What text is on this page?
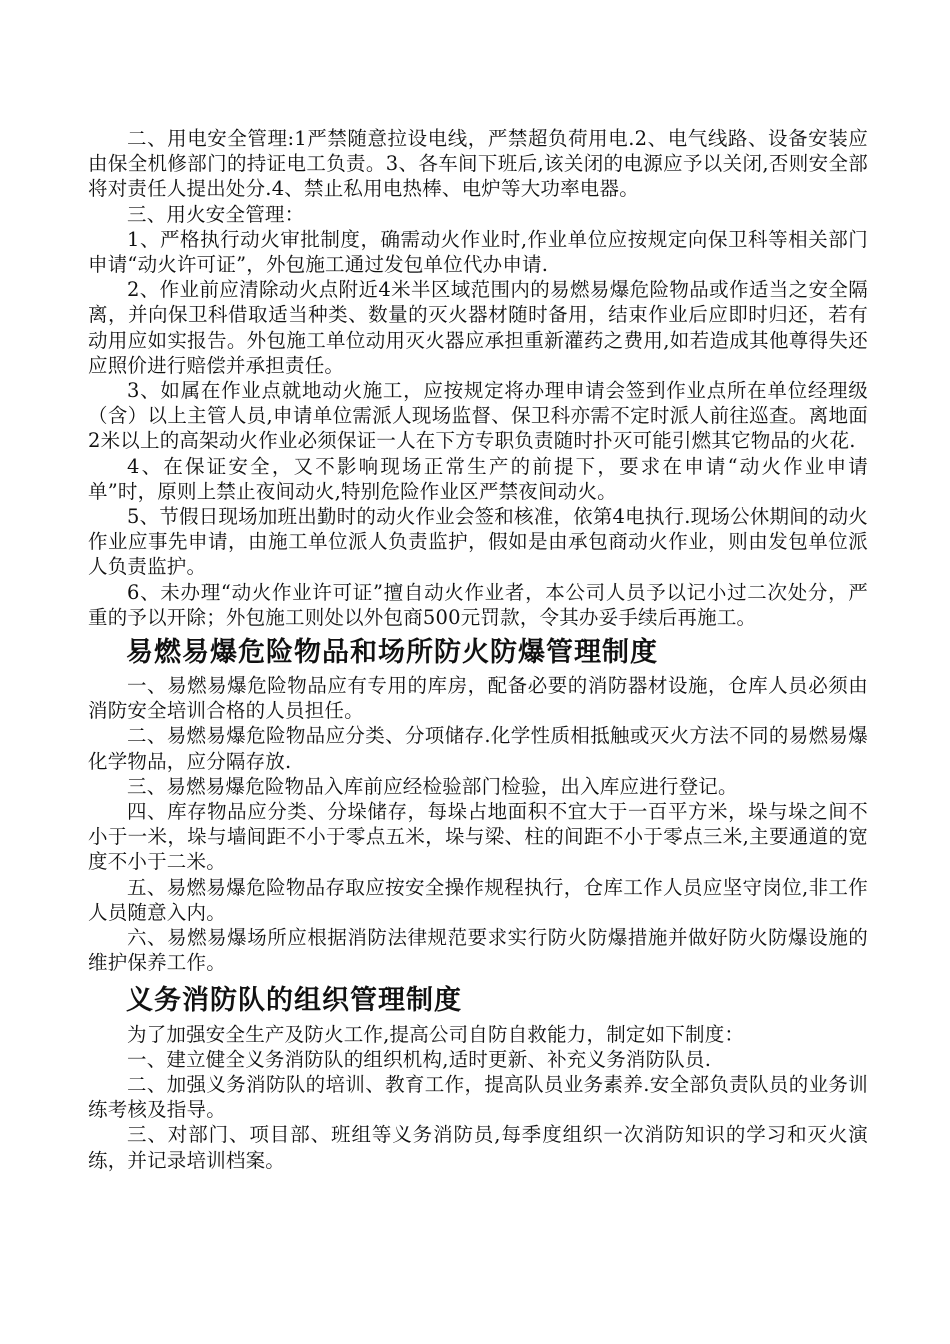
二、用电安全管理:1严禁随意拉设电线，严禁超负荷用电.2、电气线路、设备安装应由保全机修部门的持证电工负责。3、各车间下班后,该关闭的电源应予以关闭,否则安全部将对责任人提出处分.4、禁止私用电热棒、电炉等大功率电器。

三、用火安全管理：

1、严格执行动火审批制度，确需动火作业时,作业单位应按规定向保卫科等相关部门申请“动火许可证”，外包施工通过发包单位代办申请.

2、作业前应清除动火点附近4米半区域范围内的易燃易爆危险物品或作适当之安全隔离，并向保卫科借取适当种类、数量的灭火器材随时备用，结束作业后应即时归还，若有动用应如实报告。外包施工单位动用灭火器应承担重新灌药之费用,如若造成其他尊得失还应照价进行赔偿并承担责任。

3、如属在作业点就地动火施工，应按规定将办理申请会签到作业点所在单位经理级（含）以上主管人员,申请单位需派人现场监督、保卫科亦需不定时派人前往巡查。离地面2米以上的高架动火作业必须保证一人在下方专职负责随时扑灭可能引燃其它物品的火花.

4、在保证安全，又不影响现场正常生产的前提下，要求在申请“动火作业申请单”时，原则上禁止夜间动火,特别危险作业区严禁夜间动火。

5、节假日现场加班出勤时的动火作业会签和核准，依第4电执行.现场公休期间的动火作业应事先申请，由施工单位派人负责监护，假如是由承包商动火作业，则由发包单位派人负责监护。

6、未办理“动火作业许可证”擅自动火作业者，本公司人员予以记小过二次处分，严重的予以开除；外包施工则处以外包商500元罚款，令其办妥手续后再施工。

易燃易爆危险物品和场所防火防爆管理制度

一、易燃易爆危险物品应有专用的库房，配备必要的消防器材设施，仓库人员必须由消防安全培训合格的人员担任。

二、易燃易爆危险物品应分类、分项储存.化学性质相抵触或灭火方法不同的易燃易爆化学物品，应分隔存放.

三、易燃易爆危险物品入库前应经检验部门检验，出入库应进行登记。

四、库存物品应分类、分垛储存，每垛占地面积不宜大于一百平方米，垛与垛之间不小于一米，垛与墙间距不小于零点五米，垛与梁、柱的间距不小于零点三米,主要通道的宽度不小于二米。

五、易燃易爆危险物品存取应按安全操作规程执行，仓库工作人员应坚守岗位,非工作人员随意入内。

六、易燃易爆场所应根据消防法律规范要求实行防火防爆措施并做好防火防爆设施的维护保养工作。

义务消防队的组织管理制度

为了加强安全生产及防火工作,提高公司自防自救能力，制定如下制度：

一、建立健全义务消防队的组织机构,适时更新、补充义务消防队员.

二、加强义务消防队的培训、教育工作，提高队员业务素养.安全部负责队员的业务训练考核及指导。

三、对部门、项目部、班组等义务消防员,每季度组织一次消防知识的学习和灭火演练，并记录培训档案。
